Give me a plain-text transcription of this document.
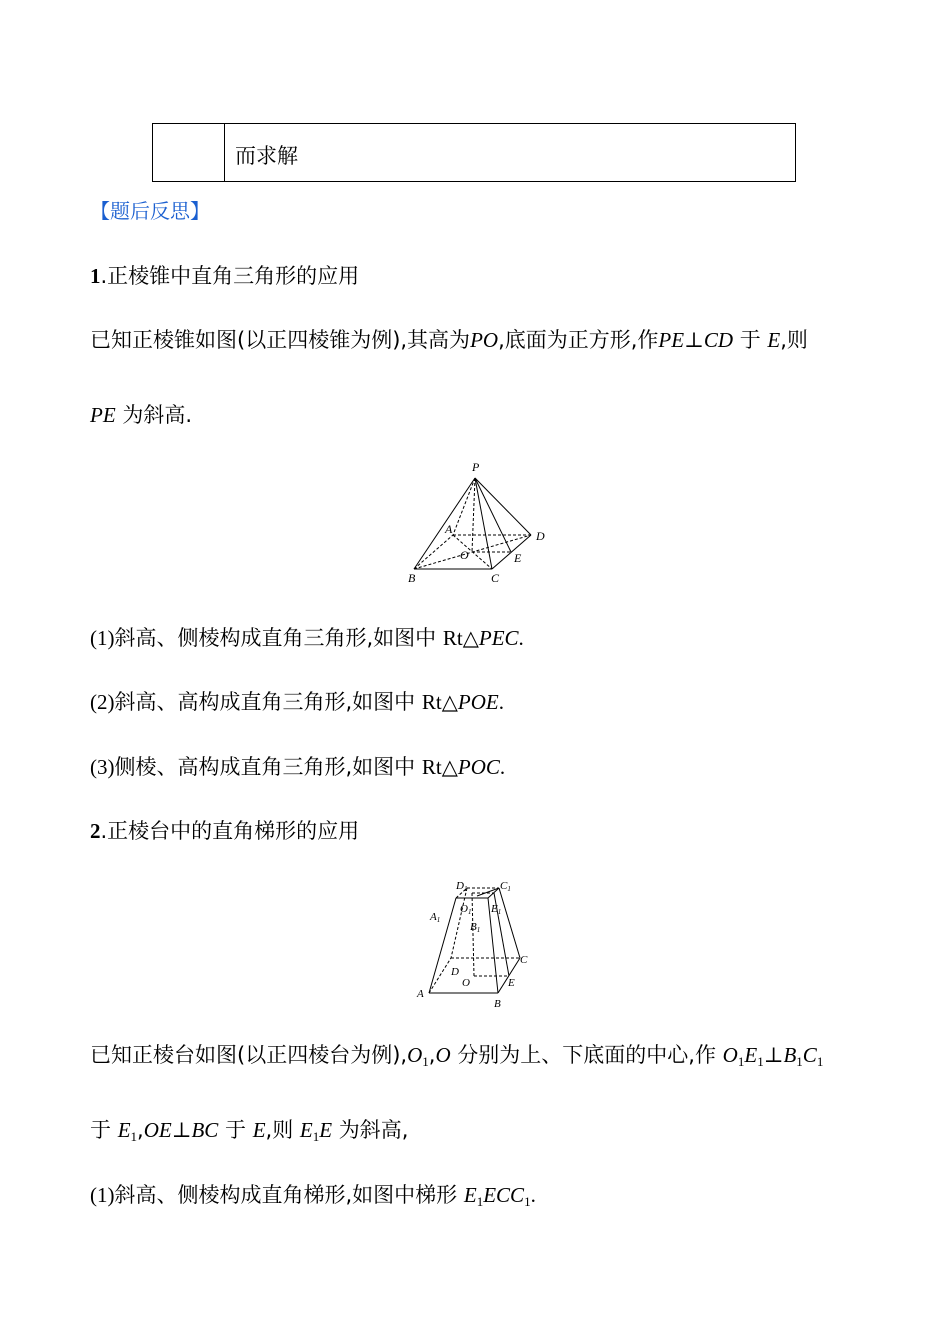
而求解
【题后反思】
1.正棱锥中直角三角形的应用
已知正棱锥如图(以正四棱锥为例),其高为PO,底面为正方形,作PE⊥CD 于 E,则
PE 为斜高.
P
A	D
O	E
B	C
(1)斜高、侧棱构成直角三角形,如图中 Rt△PEC.
(2)斜高、高构成直角三角形,如图中 Rt△POE.
(3)侧棱、高构成直角三角形,如图中 Rt△POC.
2.正棱台中的直角梯形的应用
D1	C1
O1 E1
A1
B1
C
D
O	E
A
B
已知正棱台如图(以正四棱台为例),O1,O 分别为上、下底面的中心,作 O1E1⊥B1C1
于 E1,OE⊥BC 于 E,则 E1E 为斜高,
(1)斜高、侧棱构成直角梯形,如图中梯形 E1ECC1.
